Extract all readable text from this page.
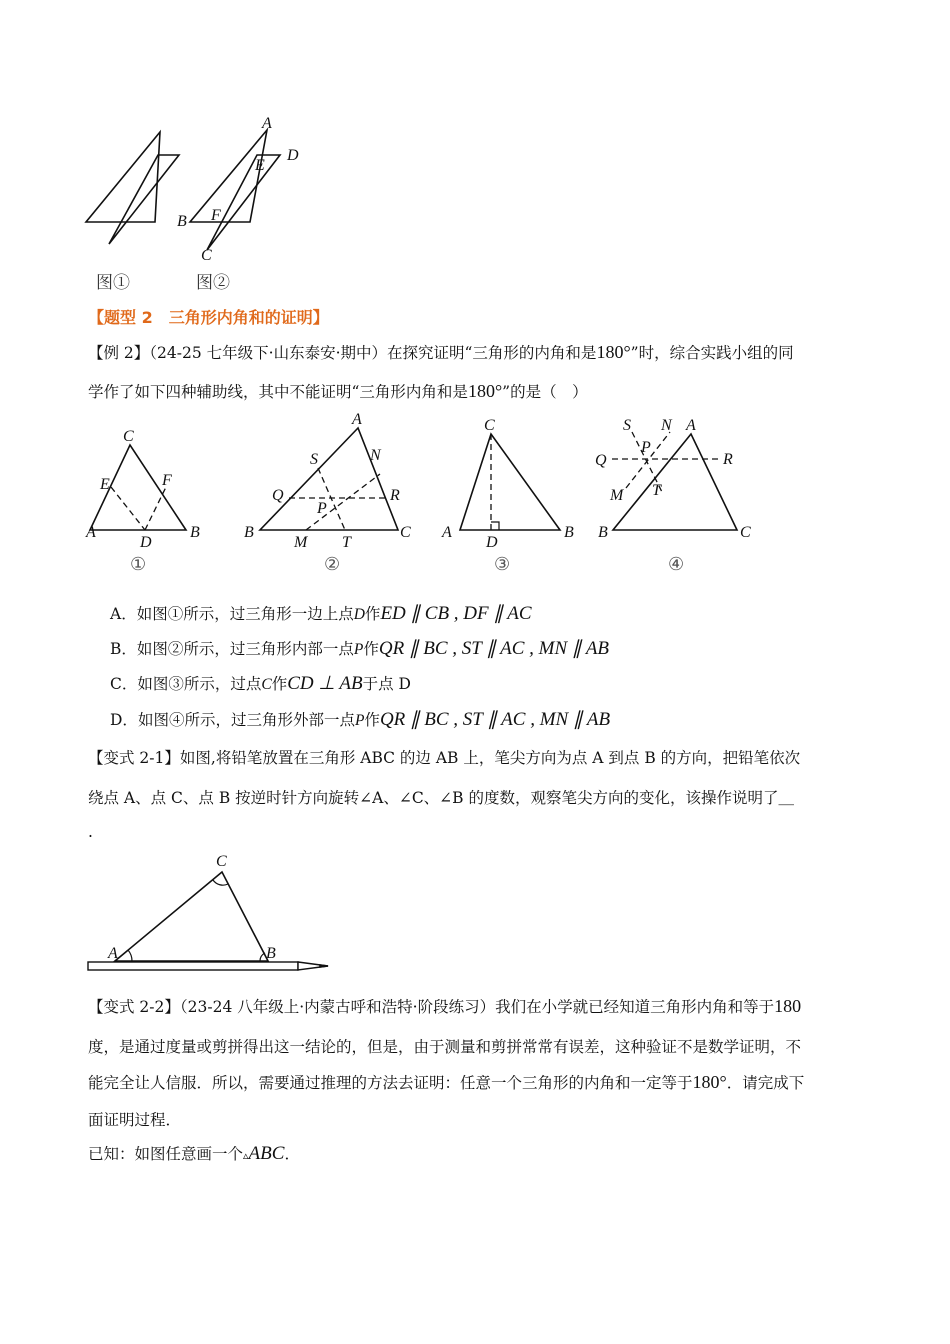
A
D
E
B F
C
图①	图②
【题型 2　三角形内角和的证明】
【例 2】（24-25 七年级下·山东泰安·期中）在探究证明“三角形的内角和是180°”时，综合实践小组的同
学作了如下四种辅助线，其中不能证明“三角形内角和是180°”的是（　）
C
E	F
A
D
B
①
A
S	N
Q
P
R
B
M T
C
②
C
A
D
B
③
S N A
P
Q	R
M T
B	C
④
A．如图①所示，过三角形一边上点D作ED ∥ CB , DF ∥ AC
B．如图②所示，过三角形内部一点P作QR ∥ BC , ST ∥ AC , MN ∥ AB
C．如图③所示，过点C作CD ⊥ AB于点 D
D．如图④所示，过三角形外部一点P作QR ∥ BC , ST ∥ AC , MN ∥ AB
【变式 2-1】如图,将铅笔放置在三角形 ABC 的边 AB 上，笔尖方向为点 A 到点 B 的方向，把铅笔依次
绕点 A、点 C、点 B 按逆时针方向旋转∠A、∠C、∠B 的度数，观察笔尖方向的变化，该操作说明了＿
.
C
A	B
【变式 2-2】（23-24 八年级上·内蒙古呼和浩特·阶段练习）我们在小学就已经知道三角形内角和等于180
度，是通过度量或剪拼得出这一结论的，但是，由于测量和剪拼常常有误差，这种验证不是数学证明，不
能完全让人信服．所以，需要通过推理的方法去证明：任意一个三角形的内角和一定等于180°．请完成下
面证明过程．
已知：如图任意画一个▵ABC．
